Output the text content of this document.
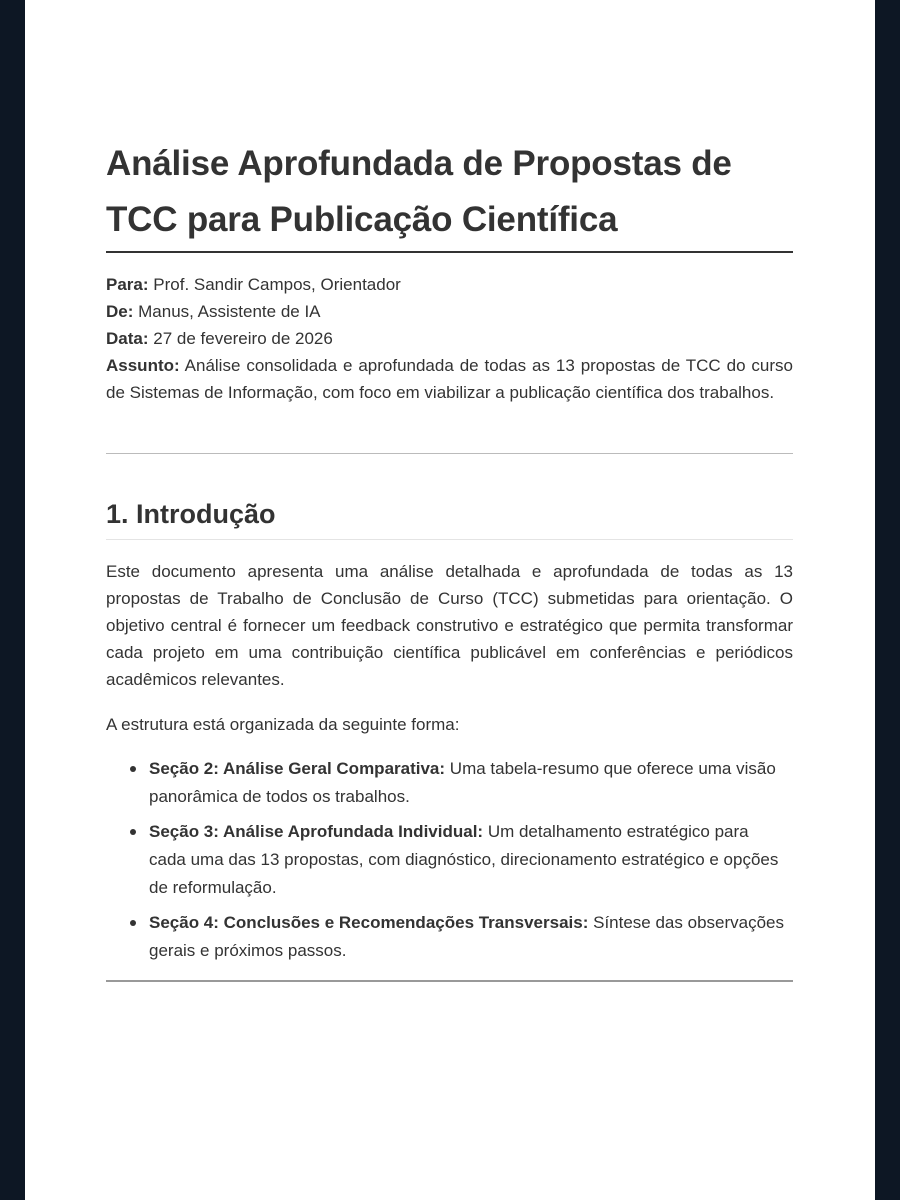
Análise Aprofundada de Propostas de TCC para Publicação Científica

Para: Prof. Sandir Campos, Orientador

De: Manus, Assistente de IA

Data: 27 de fevereiro de 2026

Assunto: Análise consolidada e aprofundada de todas as 13 propostas de TCC do curso de Sistemas de Informação, com foco em viabilizar a publicação científica dos trabalhos.

1. Introdução

Este documento apresenta uma análise detalhada e aprofundada de todas as 13 propostas de Trabalho de Conclusão de Curso (TCC) submetidas para orientação. O objetivo central é fornecer um feedback construtivo e estratégico que permita transformar cada projeto em uma contribuição científica publicável em conferências e periódicos acadêmicos relevantes.

A estrutura está organizada da seguinte forma:

Seção 2: Análise Geral Comparativa: Uma tabela-resumo que oferece uma visão panorâmica de todos os trabalhos.
Seção 3: Análise Aprofundada Individual: Um detalhamento estratégico para cada uma das 13 propostas, com diagnóstico, direcionamento estratégico e opções de reformulação.
Seção 4: Conclusões e Recomendações Transversais: Síntese das observações gerais e próximos passos.
